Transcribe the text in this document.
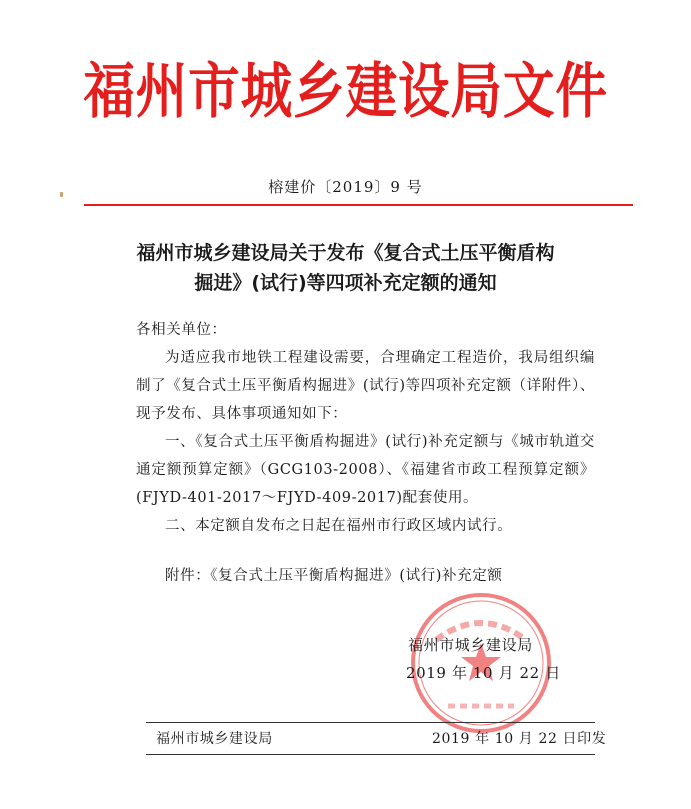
福州市城乡建设局文件
榕建价〔2019〕9 号
福州市城乡建设局关于发布《复合式土压平衡盾构
掘进》(试行)等四项补充定额的通知

各相关单位：

为适应我市地铁工程建设需要，合理确定工程造价，我局组织编制了《复合式土压平衡盾构掘进》(试行)等四项补充定额（详附件）、现予发布、具体事项通知如下：

一、《复合式土压平衡盾构掘进》(试行)补充定额与《城市轨道交通定额预算定额》（GCG103-2008）、《福建省市政工程预算定额》(FJYD-401-2017～FJYD-409-2017)配套使用。

二、本定额自发布之日起在福州市行政区域内试行。

附件：《复合式土压平衡盾构掘进》(试行)补充定额

福州市城乡建设局
2019 年 10 月 22 日
福州市城乡建设局	2019 年 10 月 22 日印发
